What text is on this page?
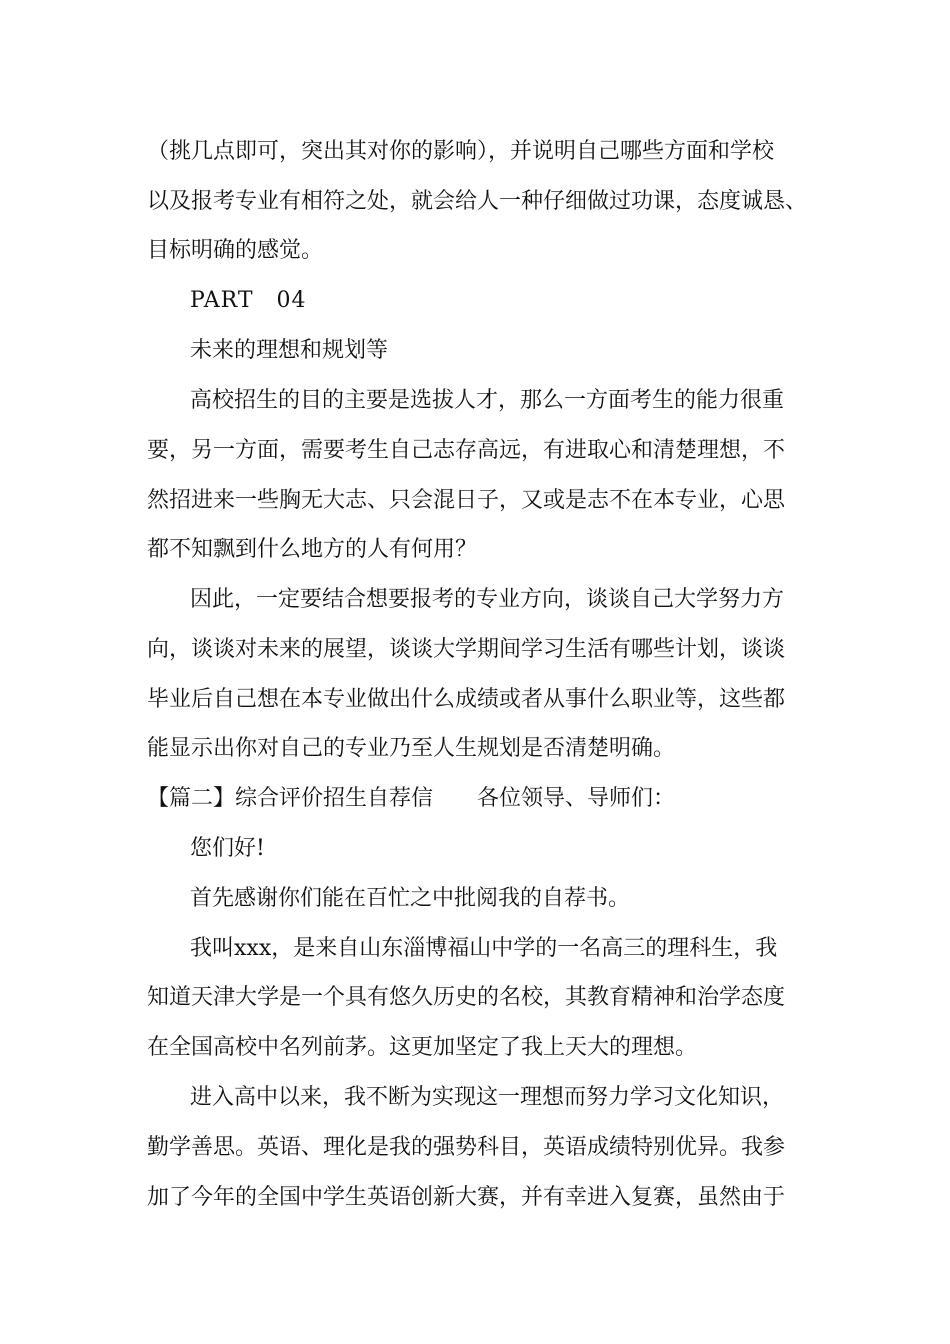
（挑几点即可，突出其对你的影响），并说明自己哪些方面和学校
以及报考专业有相符之处，就会给人一种仔细做过功课，态度诚恳、
目标明确的感觉。
PART　04
未来的理想和规划等
高校招生的目的主要是选拔人才，那么一方面考生的能力很重
要，另一方面，需要考生自己志存高远，有进取心和清楚理想，不
然招进来一些胸无大志、只会混日子，又或是志不在本专业，心思
都不知飘到什么地方的人有何用？
因此，一定要结合想要报考的专业方向，谈谈自己大学努力方
向，谈谈对未来的展望，谈谈大学期间学习生活有哪些计划，谈谈
毕业后自己想在本专业做出什么成绩或者从事什么职业等，这些都
能显示出你对自己的专业乃至人生规划是否清楚明确。
【篇二】综合评价招生自荐信　　各位领导、导师们：
您们好!
首先感谢你们能在百忙之中批阅我的自荐书。
我叫xxx，是来自山东淄博福山中学的一名高三的理科生，我
知道天津大学是一个具有悠久历史的名校，其教育精神和治学态度
在全国高校中名列前茅。这更加坚定了我上天大的理想。
进入高中以来，我不断为实现这一理想而努力学习文化知识，
勤学善思。英语、理化是我的强势科目，英语成绩特别优异。我参
加了今年的全国中学生英语创新大赛，并有幸进入复赛，虽然由于
